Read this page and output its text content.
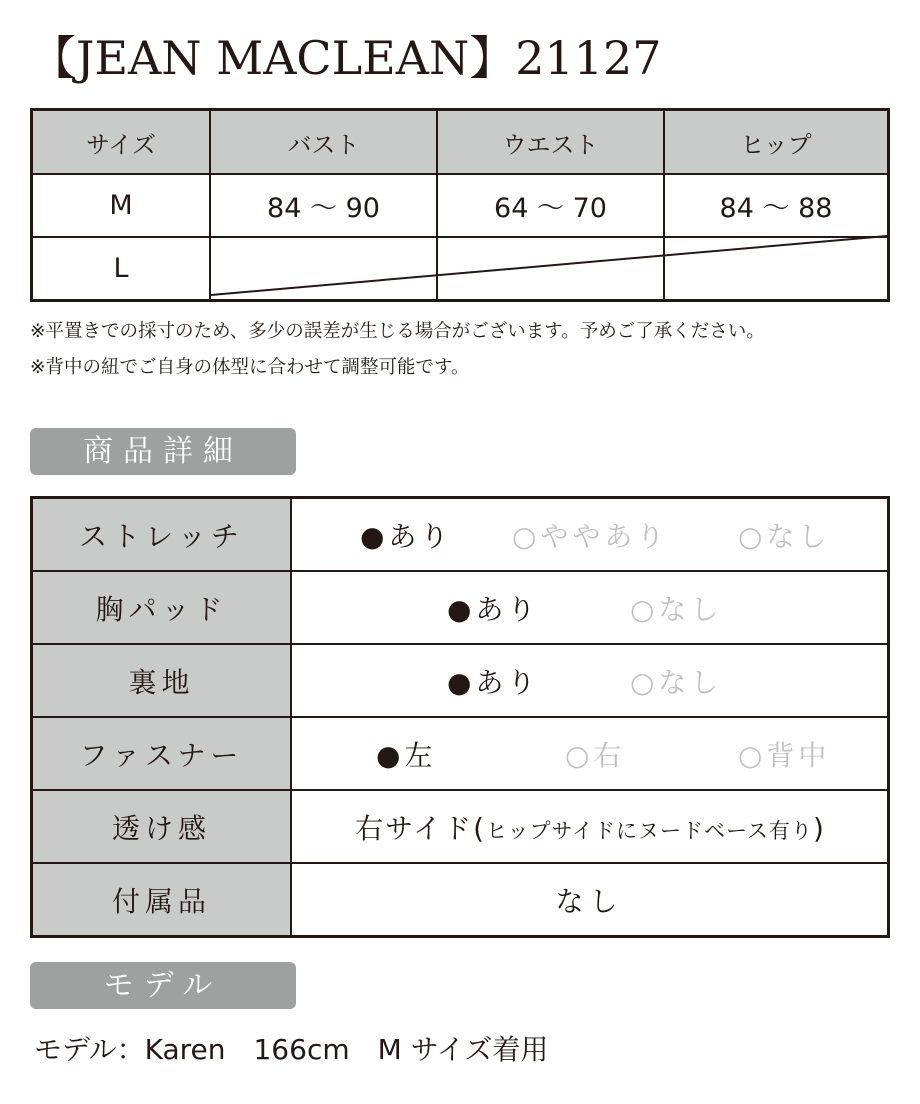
【JEAN MACLEAN】21127
サイズ	バスト	ウエスト	ヒップ
M	84 〜 90	64 〜 70	84 〜 88
L			
※平置きでの採寸のため、多少の誤差が生じる場合がございます。予めご了承ください。
※背中の紐でご自身の体型に合わせて調整可能です。
商品詳細
ストレッチ	●あり ○ややあり ○なし

胸パッド	●あり ○なし

裏地	●あり ○なし

ファスナー	●左 ○右 ○背中

透け感	右サイド(ヒップサイドにヌードベース有り)
付属品	なし
モデル
モデル：Karen　166cm　M サイズ着用
